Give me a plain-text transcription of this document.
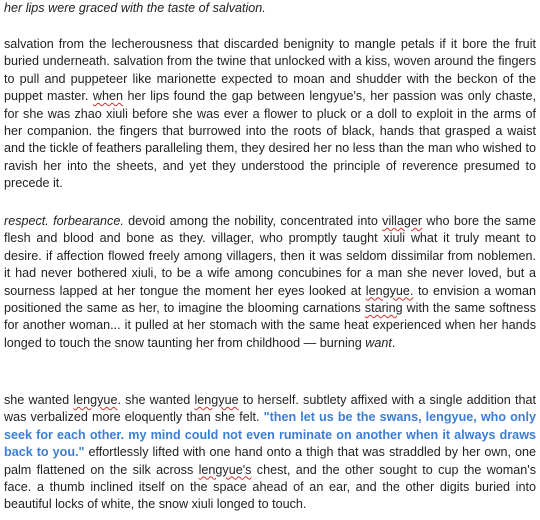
her lips were graced with the taste of salvation.

salvation from the lecherousness that discarded benignity to mangle petals if it bore the fruit buried underneath. salvation from the twine that unlocked with a kiss, woven around the fingers to pull and puppeteer like marionette expected to moan and shudder with the beckon of the puppet master. when her lips found the gap between lengyue's, her passion was only chaste, for she was zhao xiuli before she was ever a flower to pluck or a doll to exploit in the arms of her companion. the fingers that burrowed into the roots of black, hands that grasped a waist and the tickle of feathers paralleling them, they desired her no less than the man who wished to ravish her into the sheets, and yet they understood the principle of reverence presumed to precede it.

respect. forbearance. devoid among the nobility, concentrated into villager who bore the same flesh and blood and bone as they. villager, who promptly taught xiuli what it truly meant to desire. if affection flowed freely among villagers, then it was seldom dissimilar from noblemen. it had never bothered xiuli, to be a wife among concubines for a man she never loved, but a sourness lapped at her tongue the moment her eyes looked at lengyue. to envision a woman positioned the same as her, to imagine the blooming carnations staring with the same softness for another woman... it pulled at her stomach with the same heat experienced when her hands longed to touch the snow taunting her from childhood — burning want.

she wanted lengyue. she wanted lengyue to herself. subtlety affixed with a single addition that was verbalized more eloquently than she felt. "then let us be the swans, lengyue, who only seek for each other. my mind could not even ruminate on another when it always draws back to you." effortlessly lifted with one hand onto a thigh that was straddled by her own, one palm flattened on the silk across lengyue's chest, and the other sought to cup the woman's face. a thumb inclined itself on the space ahead of an ear, and the other digits buried into beautiful locks of white, the snow xiuli longed to touch.
